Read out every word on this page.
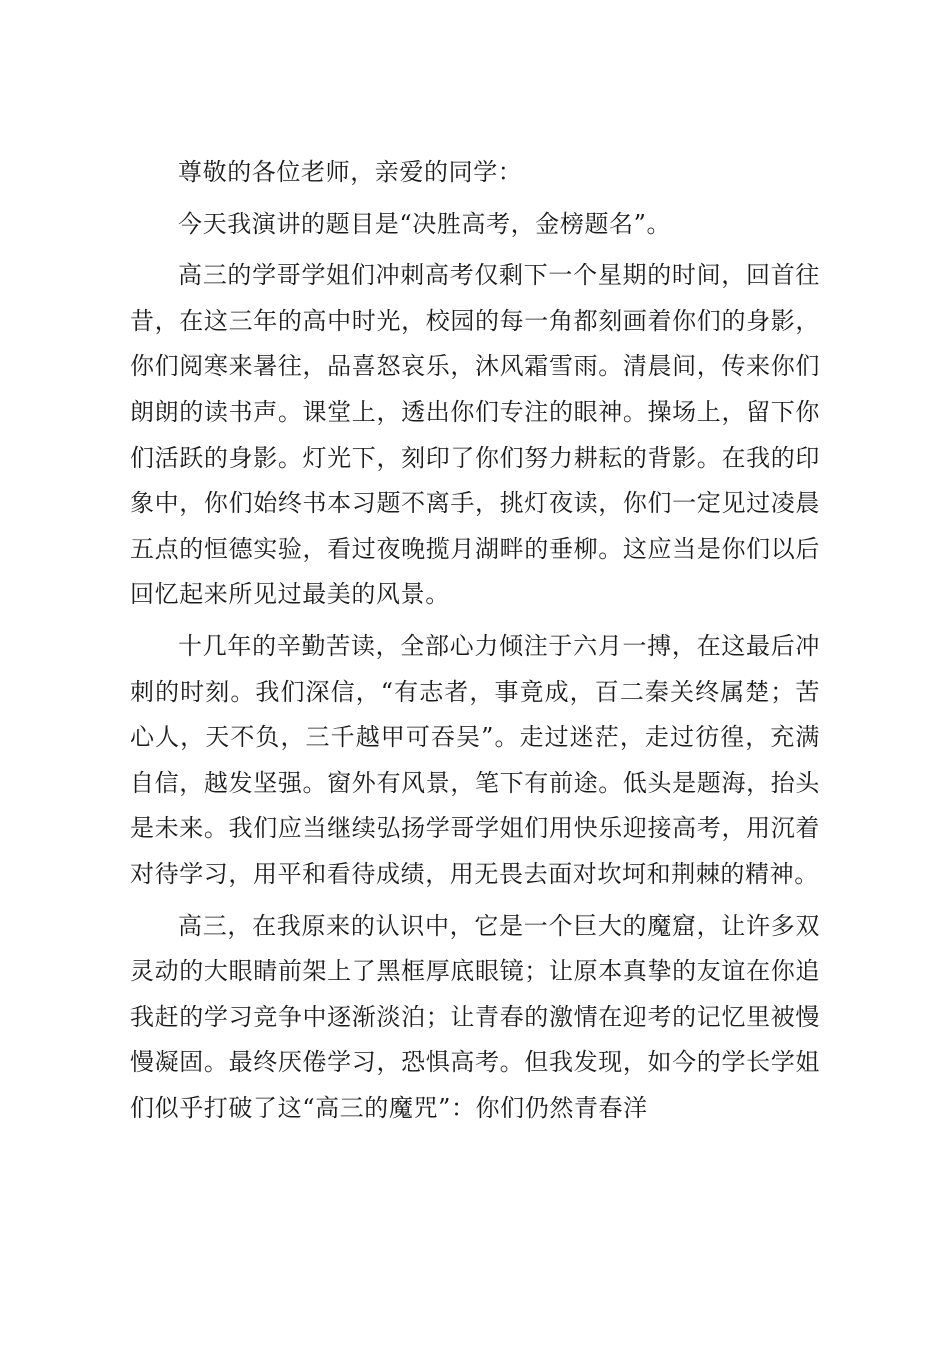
尊敬的各位老师，亲爱的同学：

今天我演讲的题目是“决胜高考，金榜题名”。

高三的学哥学姐们冲刺高考仅剩下一个星期的时间，回首往昔，在这三年的高中时光，校园的每一角都刻画着你们的身影，你们阅寒来暑往，品喜怒哀乐，沐风霜雪雨。清晨间，传来你们朗朗的读书声。课堂上，透出你们专注的眼神。操场上，留下你们活跃的身影。灯光下，刻印了你们努力耕耘的背影。在我的印象中，你们始终书本习题不离手，挑灯夜读，你们一定见过凌晨五点的恒德实验，看过夜晚揽月湖畔的垂柳。这应当是你们以后回忆起来所见过最美的风景。

十几年的辛勤苦读，全部心力倾注于六月一搏，在这最后冲刺的时刻。我们深信，“有志者，事竟成，百二秦关终属楚；苦心人，天不负，三千越甲可吞吴”。走过迷茫，走过彷徨，充满自信，越发坚强。窗外有风景，笔下有前途。低头是题海，抬头是未来。我们应当继续弘扬学哥学姐们用快乐迎接高考，用沉着对待学习，用平和看待成绩，用无畏去面对坎坷和荆棘的精神。

高三，在我原来的认识中，它是一个巨大的魔窟，让许多双灵动的大眼睛前架上了黑框厚底眼镜；让原本真挚的友谊在你追我赶的学习竞争中逐渐淡泊；让青春的激情在迎考的记忆里被慢慢凝固。最终厌倦学习，恐惧高考。但我发现，如今的学长学姐们似乎打破了这“高三的魔咒”：你们仍然青春洋
